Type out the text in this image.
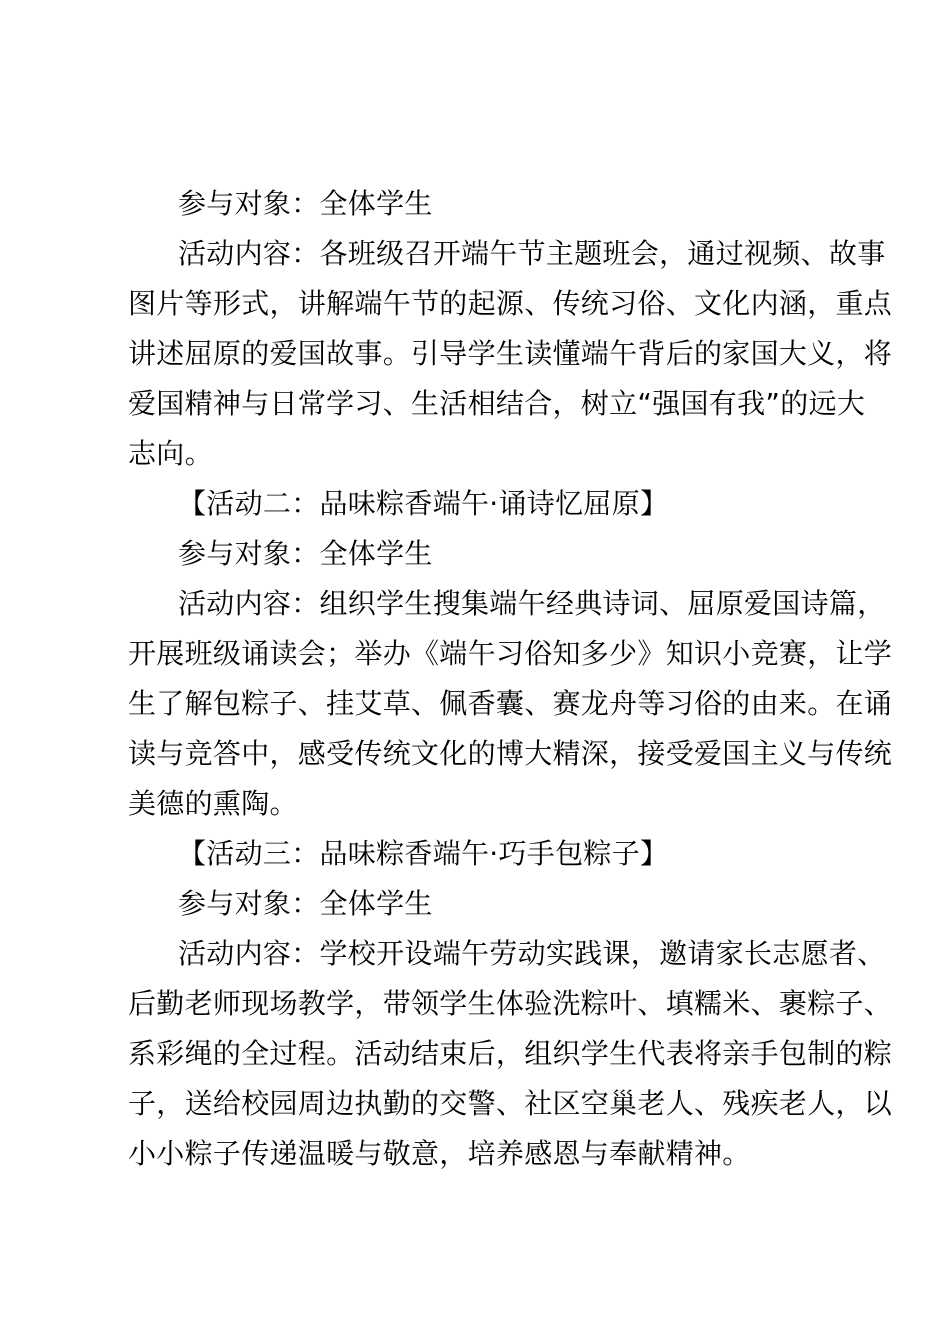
参与对象：全体学生
活动内容：各班级召开端午节主题班会，通过视频、故事
图片等形式，讲解端午节的起源、传统习俗、文化内涵，重点
讲述屈原的爱国故事。引导学生读懂端午背后的家国大义，将
爱国精神与日常学习、生活相结合，树立“强国有我”的远大
志向。
【活动二：品味粽香端午·诵诗忆屈原】
参与对象：全体学生
活动内容：组织学生搜集端午经典诗词、屈原爱国诗篇，
开展班级诵读会；举办《端午习俗知多少》知识小竞赛，让学
生了解包粽子、挂艾草、佩香囊、赛龙舟等习俗的由来。在诵
读与竞答中，感受传统文化的博大精深，接受爱国主义与传统
美德的熏陶。
【活动三：品味粽香端午·巧手包粽子】
参与对象：全体学生
活动内容：学校开设端午劳动实践课，邀请家长志愿者、
后勤老师现场教学，带领学生体验洗粽叶、填糯米、裹粽子、
系彩绳的全过程。活动结束后，组织学生代表将亲手包制的粽
子，送给校园周边执勤的交警、社区空巢老人、残疾老人，以
小小粽子传递温暖与敬意，培养感恩与奉献精神。
